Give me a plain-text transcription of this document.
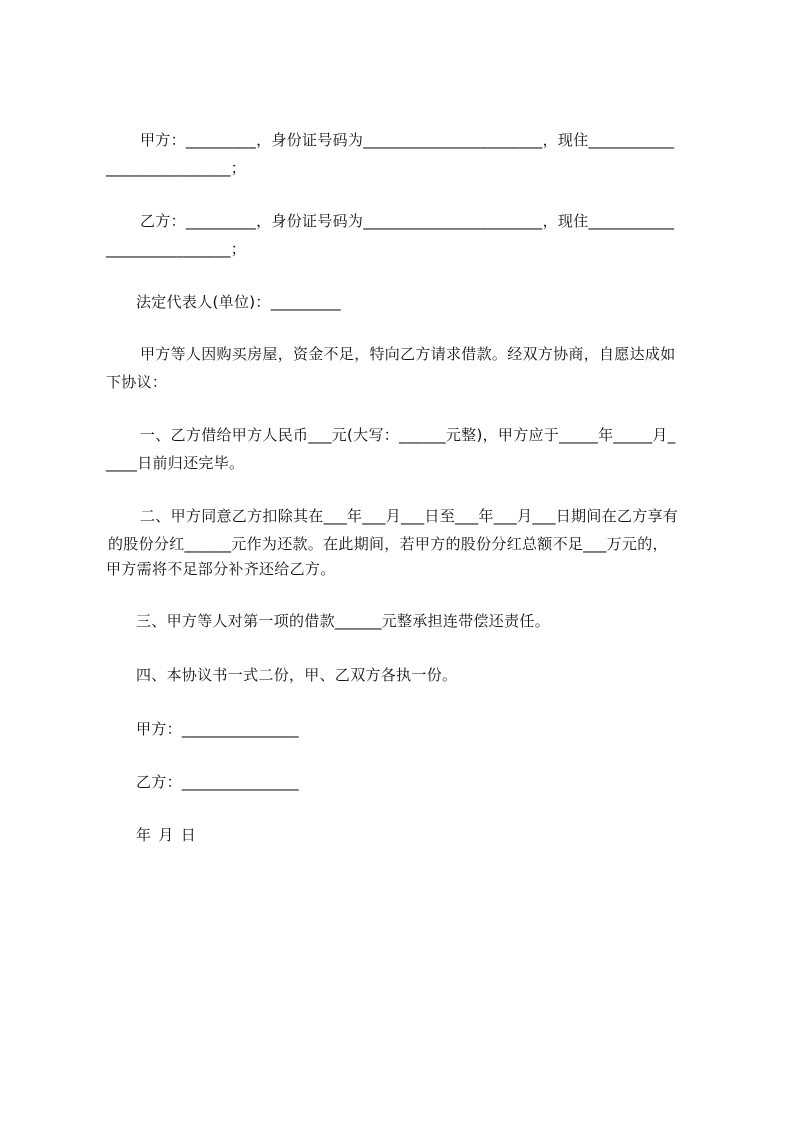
甲方：_________，身份证号码为_______________________，现住___________
________________；
乙方：_________，身份证号码为_______________________，现住___________
________________；
法定代表人(单位)：_________
甲方等人因购买房屋，资金不足，特向乙方请求借款。经双方协商，自愿达成如
下协议：
一、乙方借给甲方人民币___元(大写：______元整)，甲方应于_____年_____月_
____日前归还完毕。
二、甲方同意乙方扣除其在___年___月___日至___年___月___日期间在乙方享有
的股份分红______元作为还款。在此期间，若甲方的股份分红总额不足___万元的，
甲方需将不足部分补齐还给乙方。
三、甲方等人对第一项的借款______元整承担连带偿还责任。
四、本协议书一式二份，甲、乙双方各执一份。
甲方：_______________
乙方：_______________
年 月 日
